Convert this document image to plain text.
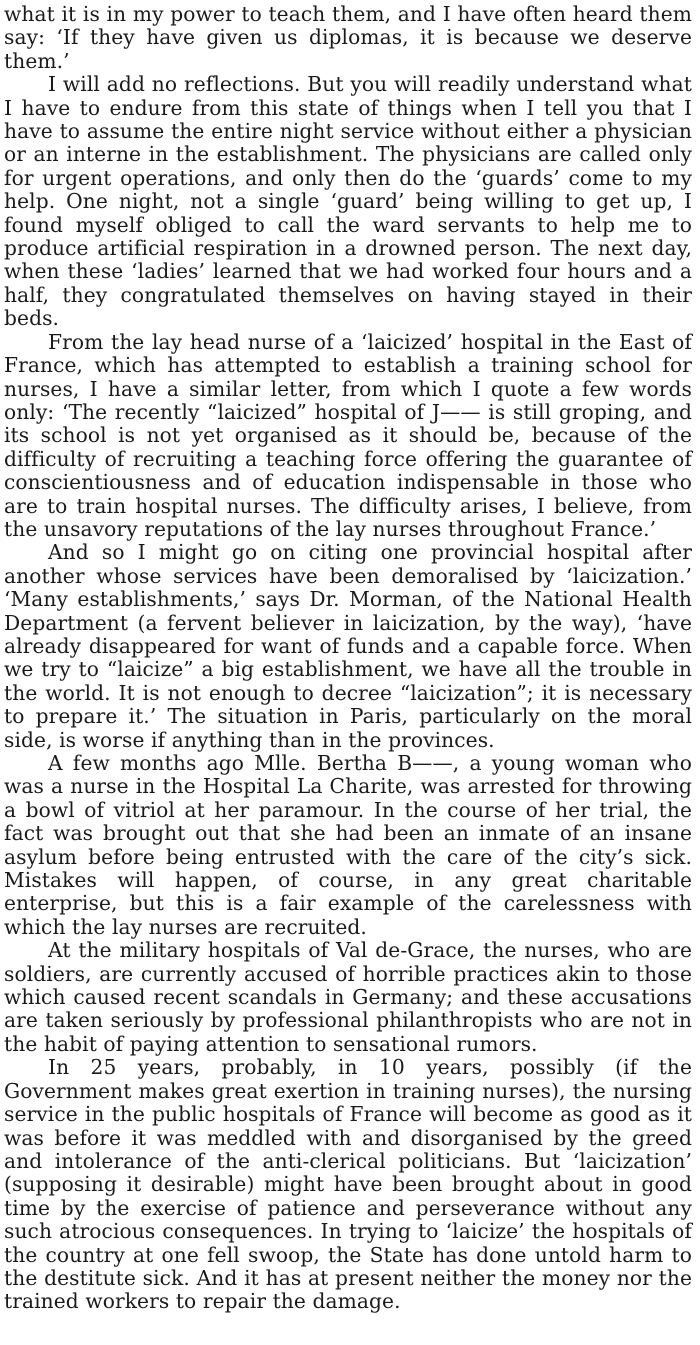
what it is in my power to teach them, and I have often heard them say: ‘If they have given us diplomas, it is because we deserve them.’

I will add no reflections. But you will readily understand what I have to endure from this state of things when I tell you that I have to assume the entire night service without either a physician or an interne in the establishment. The physicians are called only for urgent operations, and only then do the ‘guards’ come to my help. One night, not a single ‘guard’ being willing to get up, I found myself obliged to call the ward servants to help me to produce artificial respiration in a drowned person. The next day, when these ‘ladies’ learned that we had worked four hours and a half, they congratulated themselves on having stayed in their beds.

From the lay head nurse of a ‘laicized’ hospital in the East of France, which has attempted to establish a training school for nurses, I have a similar letter, from which I quote a few words only: ‘The recently “laicized” hospital of J—— is still groping, and its school is not yet organised as it should be, because of the difficulty of recruiting a teaching force offering the guarantee of conscientiousness and of education indispensable in those who are to train hospital nurses. The difficulty arises, I believe, from the unsavory reputations of the lay nurses throughout France.’

And so I might go on citing one provincial hospital after another whose services have been demoralised by ‘laicization.’ ‘Many establishments,’ says Dr. Morman, of the National Health Department (a fervent believer in laicization, by the way), ‘have already disappeared for want of funds and a capable force. When we try to “laicize” a big establishment, we have all the trouble in the world. It is not enough to decree “laicization”; it is necessary to prepare it.’ The situation in Paris, particularly on the moral side, is worse if anything than in the provinces.

A few months ago Mlle. Bertha B——, a young woman who was a nurse in the Hospital La Charite, was arrested for throwing a bowl of vitriol at her paramour. In the course of her trial, the fact was brought out that she had been an inmate of an insane asylum before being entrusted with the care of the city’s sick. Mistakes will happen, of course, in any great charitable enterprise, but this is a fair example of the carelessness with which the lay nurses are recruited.

At the military hospitals of Val de-Grace, the nurses, who are soldiers, are currently accused of horrible practices akin to those which caused recent scandals in Germany; and these accusations are taken seriously by professional philanthropists who are not in the habit of paying attention to sensational rumors.

In 25 years, probably, in 10 years, possibly (if the Government makes great exertion in training nurses), the nursing service in the public hospitals of France will become as good as it was before it was meddled with and disorganised by the greed and intolerance of the anti-clerical politicians. But ‘laicization’ (supposing it desirable) might have been brought about in good time by the exercise of patience and perseverance without any such atrocious consequences. In trying to ‘laicize’ the hospitals of the country at one fell swoop, the State has done untold harm to the destitute sick. And it has at present neither the money nor the trained workers to repair the damage.
